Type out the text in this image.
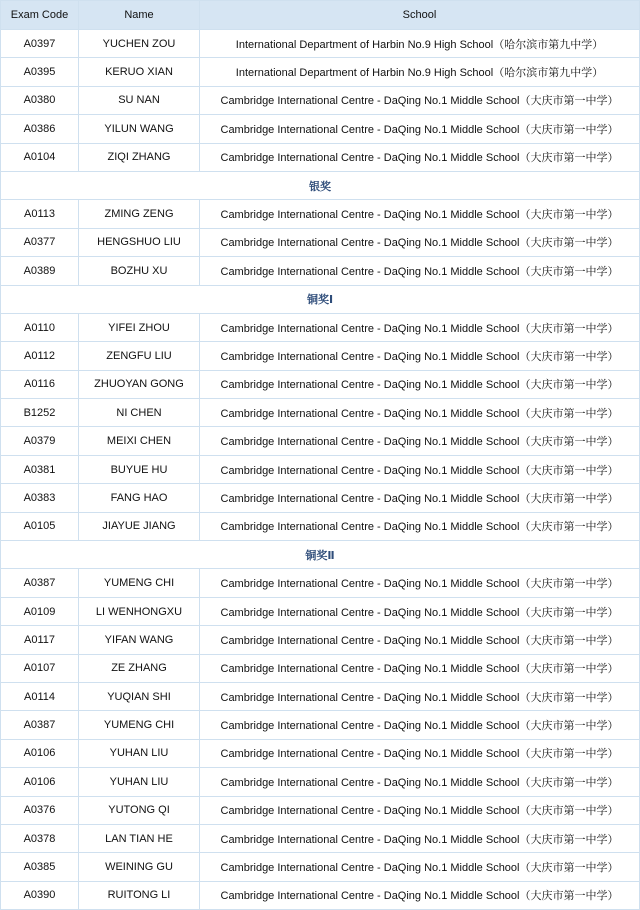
Exam Code	Name	School
A0397	YUCHEN ZOU	International Department of Harbin No.9 High School（哈尔滨市第九中学）
A0395	KERUO XIAN	International Department of Harbin No.9 High School（哈尔滨市第九中学）
A0380	SU NAN	Cambridge International Centre - DaQing No.1 Middle School（大庆市第一中学）
A0386	YILUN WANG	Cambridge International Centre - DaQing No.1 Middle School（大庆市第一中学）
A0104	ZIQI ZHANG	Cambridge International Centre - DaQing No.1 Middle School（大庆市第一中学）
银奖		
A0113	ZMING ZENG	Cambridge International Centre - DaQing No.1 Middle School（大庆市第一中学）
A0377	HENGSHUO LIU	Cambridge International Centre - DaQing No.1 Middle School（大庆市第一中学）
A0389	BOZHU XU	Cambridge International Centre - DaQing No.1 Middle School（大庆市第一中学）
铜奖Ⅰ		
A0110	YIFEI ZHOU	Cambridge International Centre - DaQing No.1 Middle School（大庆市第一中学）
A0112	ZENGFU LIU	Cambridge International Centre - DaQing No.1 Middle School（大庆市第一中学）
A0116	ZHUOYAN GONG	Cambridge International Centre - DaQing No.1 Middle School（大庆市第一中学）
B1252	NI CHEN	Cambridge International Centre - DaQing No.1 Middle School（大庆市第一中学）
A0379	MEIXI CHEN	Cambridge International Centre - DaQing No.1 Middle School（大庆市第一中学）
A0381	BUYUE HU	Cambridge International Centre - DaQing No.1 Middle School（大庆市第一中学）
A0383	FANG HAO	Cambridge International Centre - DaQing No.1 Middle School（大庆市第一中学）
A0105	JIAYUE JIANG	Cambridge International Centre - DaQing No.1 Middle School（大庆市第一中学）
铜奖Ⅱ		
A0387	YUMENG CHI	Cambridge International Centre - DaQing No.1 Middle School（大庆市第一中学）
A0109	LI WENHONGXU	Cambridge International Centre - DaQing No.1 Middle School（大庆市第一中学）
A0117	YIFAN WANG	Cambridge International Centre - DaQing No.1 Middle School（大庆市第一中学）
A0107	ZE ZHANG	Cambridge International Centre - DaQing No.1 Middle School（大庆市第一中学）
A0114	YUQIAN SHI	Cambridge International Centre - DaQing No.1 Middle School（大庆市第一中学）
A0387	YUMENG CHI	Cambridge International Centre - DaQing No.1 Middle School（大庆市第一中学）
A0106	YUHAN LIU	Cambridge International Centre - DaQing No.1 Middle School（大庆市第一中学）
A0106	YUHAN LIU	Cambridge International Centre - DaQing No.1 Middle School（大庆市第一中学）
A0376	YUTONG QI	Cambridge International Centre - DaQing No.1 Middle School（大庆市第一中学）
A0378	LAN TIAN HE	Cambridge International Centre - DaQing No.1 Middle School（大庆市第一中学）
A0385	WEINING GU	Cambridge International Centre - DaQing No.1 Middle School（大庆市第一中学）
A0390	RUITONG LI	Cambridge International Centre - DaQing No.1 Middle School（大庆市第一中学）
